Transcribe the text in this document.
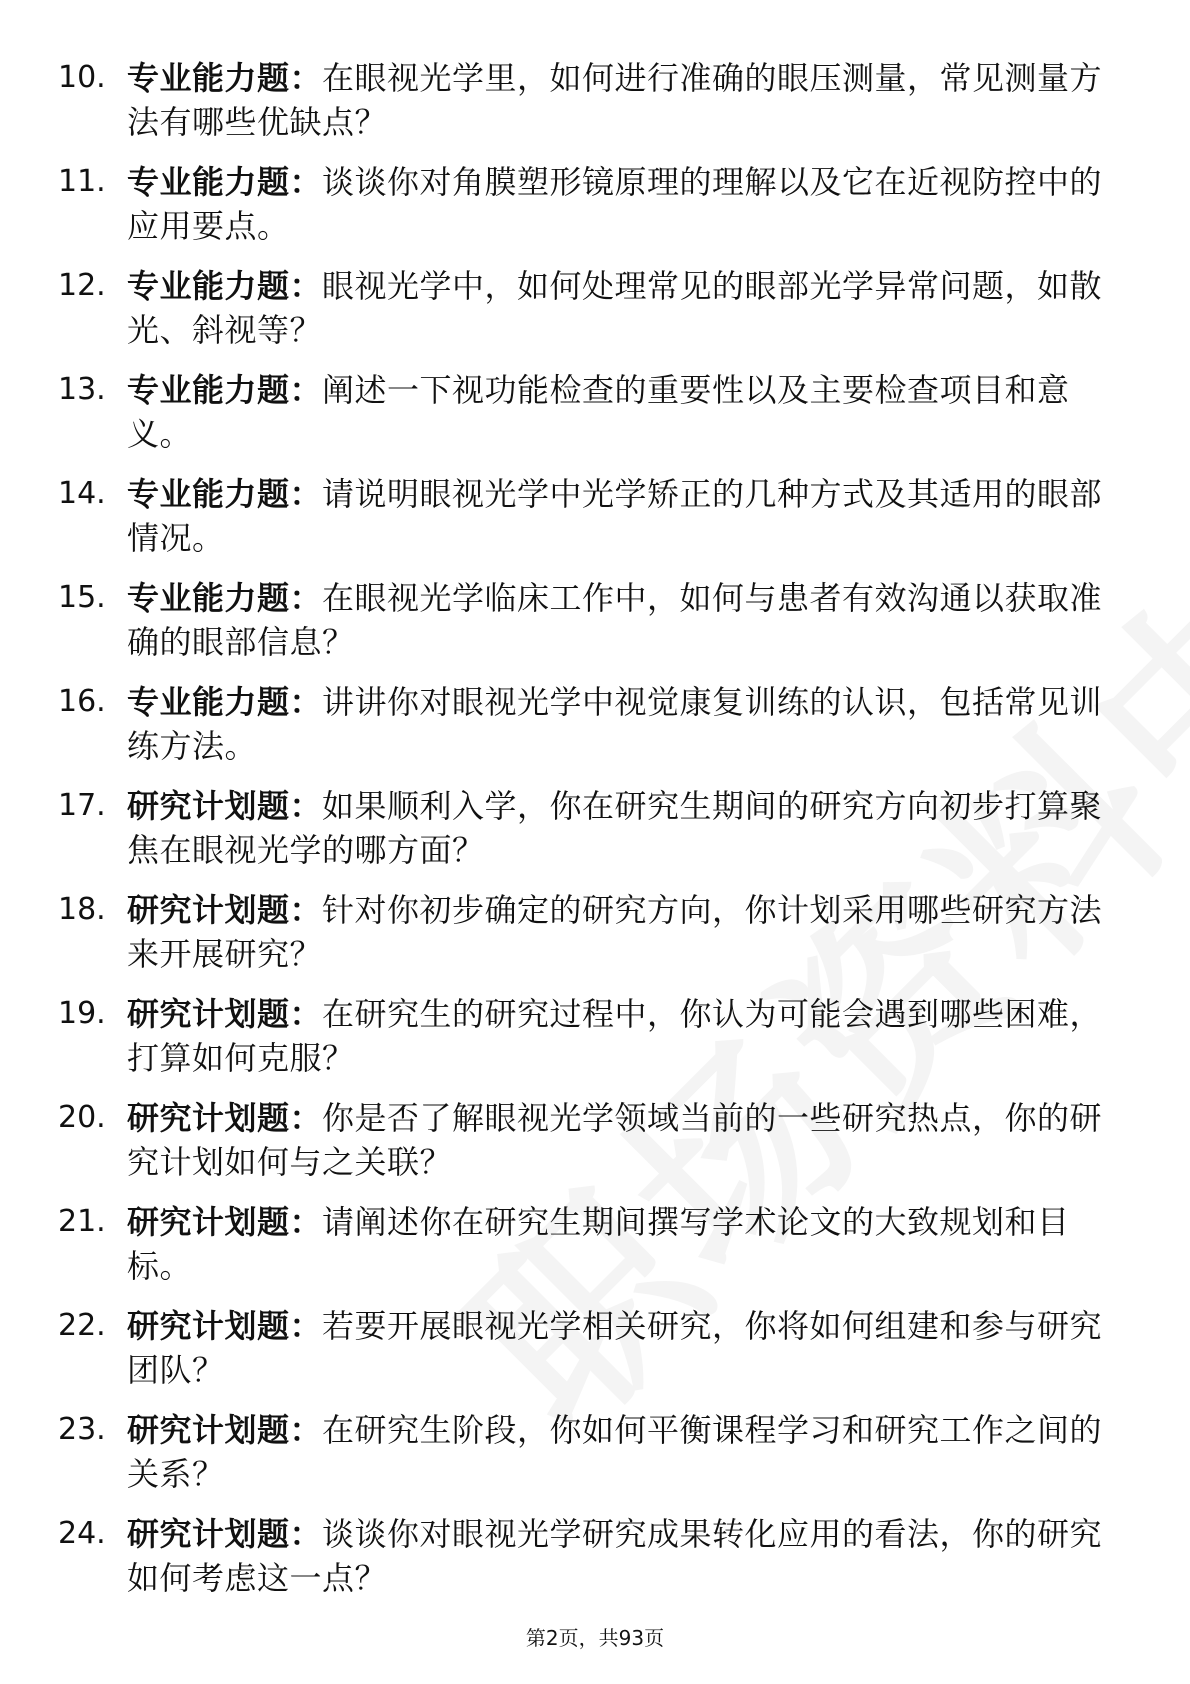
10. 专业能力题：在眼视光学里，如何进行准确的眼压测量，常见测量方法有哪些优缺点？
11. 专业能力题：谈谈你对角膜塑形镜原理的理解以及它在近视防控中的应用要点。
12. 专业能力题：眼视光学中，如何处理常见的眼部光学异常问题，如散光、斜视等？
13. 专业能力题：阐述一下视功能检查的重要性以及主要检查项目和意义。
14. 专业能力题：请说明眼视光学中光学矫正的几种方式及其适用的眼部情况。
15. 专业能力题：在眼视光学临床工作中，如何与患者有效沟通以获取准确的眼部信息？
16. 专业能力题：讲讲你对眼视光学中视觉康复训练的认识，包括常见训练方法。
17. 研究计划题：如果顺利入学，你在研究生期间的研究方向初步打算聚焦在眼视光学的哪方面？
18. 研究计划题：针对你初步确定的研究方向，你计划采用哪些研究方法来开展研究？
19. 研究计划题：在研究生的研究过程中，你认为可能会遇到哪些困难，打算如何克服？
20. 研究计划题：你是否了解眼视光学领域当前的一些研究热点，你的研究计划如何与之关联？
21. 研究计划题：请阐述你在研究生期间撰写学术论文的大致规划和目标。
22. 研究计划题：若要开展眼视光学相关研究，你将如何组建和参与研究团队？
23. 研究计划题：在研究生阶段，你如何平衡课程学习和研究工作之间的关系？
24. 研究计划题：谈谈你对眼视光学研究成果转化应用的看法，你的研究如何考虑这一点？
第2页，共93页
